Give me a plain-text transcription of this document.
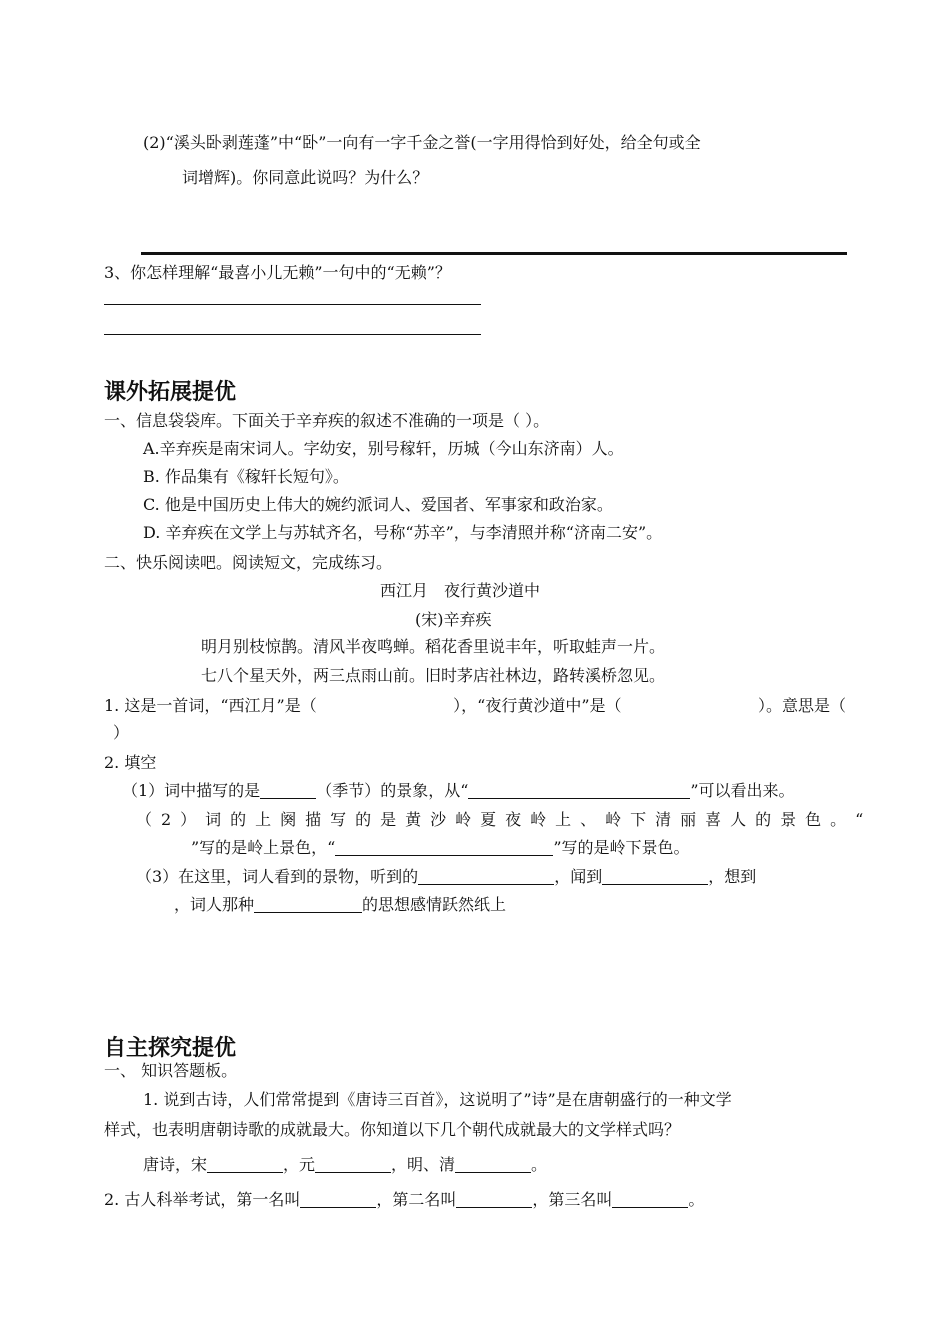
(2)“溪头卧剥莲蓬”中“卧”一向有一字千金之誉(一字用得恰到好处，给全句或全
词增辉)。你同意此说吗？为什么？
3、你怎样理解“最喜小儿无赖”一句中的“无赖”？
课外拓展提优
一、信息袋袋库。下面关于辛弃疾的叙述不准确的一项是（ ）。
A.辛弃疾是南宋词人。字幼安，别号稼轩，历城（今山东济南）人。
B. 作品集有《稼轩长短句》。
C. 他是中国历史上伟大的婉约派词人、爱国者、军事家和政治家。
D. 辛弃疾在文学上与苏轼齐名，号称“苏辛”，与李清照并称“济南二安”。
二、快乐阅读吧。阅读短文，完成练习。
西江月　夜行黄沙道中
(宋)辛弃疾
明月别枝惊鹊。清风半夜鸣蝉。稻花香里说丰年，听取蛙声一片。
七八个星天外，两三点雨山前。旧时茅店社林边，路转溪桥忽见。
1. 这是一首词，“西江月”是（	），“夜行黄沙道中”是（	）。意思是（
）
2. 填空
（1）词中描写的是	（季节）的景象，从“	”可以看出来。
（2）词的上阕描写的是黄沙岭夏夜岭上、岭下清丽喜人的景色。“
”写的是岭上景色，“	”写的是岭下景色。
（3）在这里，词人看到的景物，听到的	，闻到	，想到
，词人那种	的思想感情跃然纸上
自主探究提优
一、 知识答题板。
1. 说到古诗，人们常常提到《唐诗三百首》，这说明了”诗”是在唐朝盛行的一种文学
样式，也表明唐朝诗歌的成就最大。你知道以下几个朝代成就最大的文学样式吗？
唐诗，宋	，元	，明、清	。
2. 古人科举考试，第一名叫	，第二名叫	，第三名叫	。
